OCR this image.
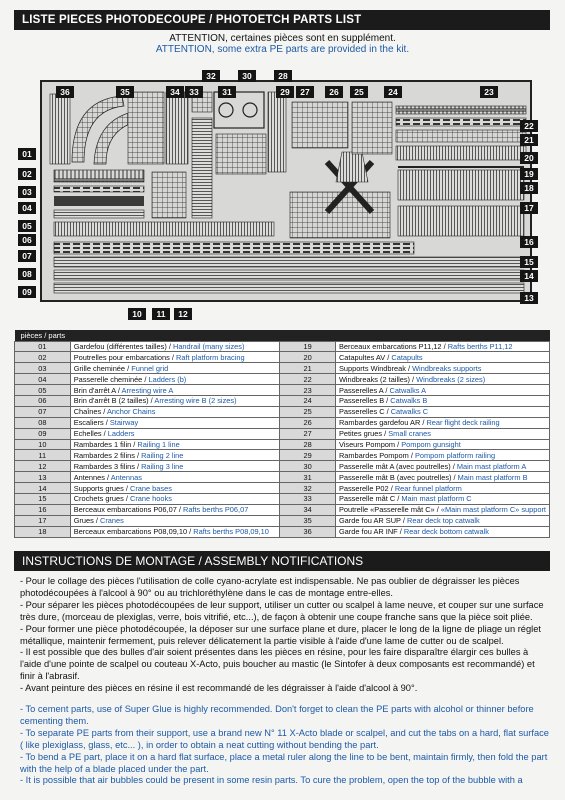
LISTE PIECES PHOTODECOUPE / PHOTOETCH PARTS LIST
ATTENTION, certaines pièces sont en supplément.
ATTENTION, some extra PE parts are provided in the kit.
36	35	34	33
32
31
30	28
29	27	26	25	24	23
01
02
03
04
05
06
07
08
09
22
21
20
19
18
17
16
15
14
13
10	11	12
pièces / parts			
01	Gardefou (différentes tailles) / Handrail (many sizes)	19	Berceaux embarcations P11,12 / Rafts berths P11,12
02	Poutrelles pour embarcations / Raft platform bracing	20	Catapultes AV / Catapults
03	Grille cheminée / Funnel grid	21	Supports Windbreak / Windbreaks supports
04	Passerelle cheminée / Ladders (b)	22	Windbreaks (2 tailles) / Windbreaks (2 sizes)
05	Brin d'arrêt A / Arresting wire A	23	Passerelles A / Catwalks A
06	Brin d'arrêt B (2 tailles) / Arresting wire B (2 sizes)	24	Passerelles B / Catwalks B
07	Chaînes / Anchor Chains	25	Passerelles C / Catwalks C
08	Escaliers / Stairway	26	Rambardes gardefou AR / Rear flight deck railing
09	Echelles / Ladders	27	Petites grues / Small cranes
10	Rambardes 1 filin / Railing 1 line	28	Viseurs Pompom / Pompom gunsight
11	Rambardes 2 filins / Railing 2 line	29	Rambardes Pompom / Pompom platform railing
12	Rambardes 3 filins / Railing 3 line	30	Passerelle mât A (avec poutrelles) / Main mast platform A
13	Antennes / Antennas	31	Passerelle mât B (avec poutrelles) / Main mast platform B
14	Supports grues / Crane bases	32	Passerelle P02 / Rear funnel platform
15	Crochets grues / Crane hooks	33	Passerelle mât C / Main mast platform C
16	Berceaux embarcations P06,07 / Rafts berths P06,07	34	Poutrelle «Passerelle mât C» / «Main mast platform C» support
17	Grues / Cranes	35	Garde fou AR SUP / Rear deck top catwalk
18	Berceaux embarcations P08,09,10 / Rafts berths P08,09,10	36	Garde fou AR INF / Rear deck bottom catwalk
INSTRUCTIONS DE MONTAGE / ASSEMBLY NOTIFICATIONS

- Pour le collage des pièces l'utilisation de colle cyano-acrylate est indispensable. Ne pas oublier de dégraisser les pièces photodécoupées à l'alcool à 90° ou au trichloréthylène dans le cas de montage entre-elles.

- Pour séparer les pièces photodécoupées de leur support, utiliser un cutter ou scalpel à lame neuve, et couper sur une surface très dure, (morceau de plexiglas, verre, bois vitrifié, etc...), de façon à obtenir une coupe franche sans que la pièce soit pliée.

- Pour former une pièce photodécoupée, la déposer sur une surface plane et dure, placer le long de la ligne de pliage un réglet métallique, maintenir fermement, puis relever délicatement la partie visible à l'aide d'une lame de cutter ou de scalpel.

- Il est possible que des bulles d'air soient présentes dans les pièces en résine, pour les faire disparaître élargir ces bulles à l'aide d'une pointe de scalpel ou couteau X-Acto, puis boucher au mastic (le Sintofer à deux composants est recommandé) et finir à l'abrasif.

- Avant peinture des pièces en résine il est recommandé de les dégraisser à l'aide d'alcool à 90°.

- To cement parts, use of Super Glue is highly recommended. Don't forget to clean the PE parts with alcohol or thinner before cementing them.

- To separate PE parts from their support, use a brand new N° 11 X-Acto blade or scalpel, and cut the tabs on a hard, flat surface ( like plexiglass, glass, etc... ), in order to obtain a neat cutting without bending the part.

- To bend a PE part, place it on a hard flat surface, place a metal ruler along the line to be bent, maintain firmly, then fold the part with the help of a blade placed under the part.

- It is possible that air bubbles could be present in some resin parts. To cure the problem, open the top of the bubble with a
